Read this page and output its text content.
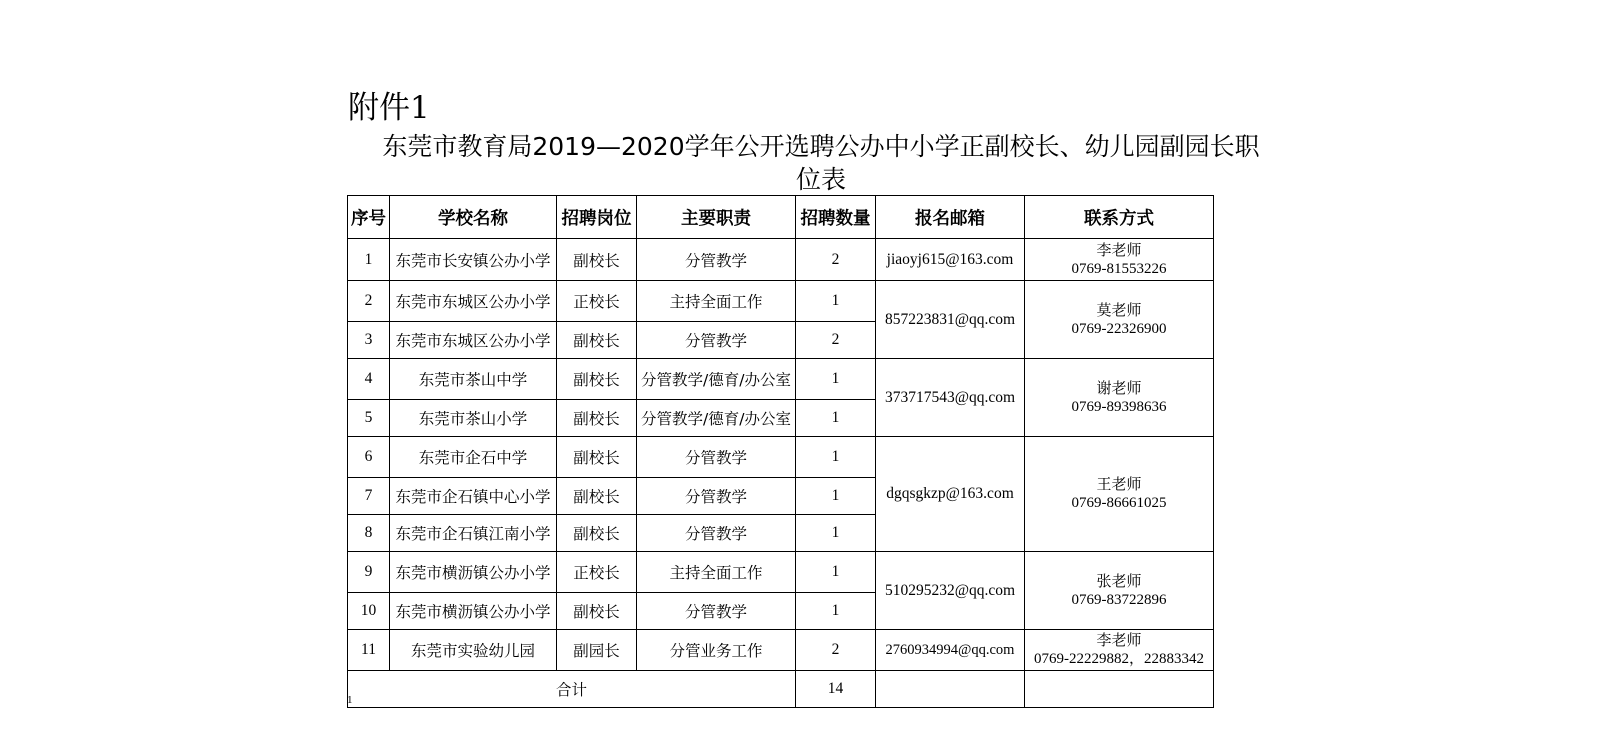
附件1
东莞市教育局2019—2020学年公开选聘公办中小学正副校长、幼儿园副园长职
位表
序号	学校名称	招聘岗位	主要职责	招聘数量	报名邮箱	联系方式
1	东莞市长安镇公办小学	副校长	分管教学	2	jiaoyj615@163.com	李老师
0769-81553226

2	东莞市东城区公办小学	正校长	主持全面工作	1	857223831@qq.com	莫老师
0769-22326900

3	东莞市东城区公办小学	副校长	分管教学	2		
4	东莞市茶山中学	副校长	分管教学/德育/办公室	1	373717543@qq.com	谢老师
0769-89398636

5	东莞市茶山小学	副校长	分管教学/德育/办公室	1		
6	东莞市企石中学	副校长	分管教学	1	dgqsgkzp@163.com	王老师
0769-86661025

7	东莞市企石镇中心小学	副校长	分管教学	1		
8	东莞市企石镇江南小学	副校长	分管教学	1		
9	东莞市横沥镇公办小学	正校长	主持全面工作	1	510295232@qq.com	张老师
0769-83722896

10	东莞市横沥镇公办小学	副校长	分管教学	1		
11	东莞市实验幼儿园	副园长	分管业务工作	2	2760934994@qq.com	李老师
0769-22229882，22883342

合计				14		
1
